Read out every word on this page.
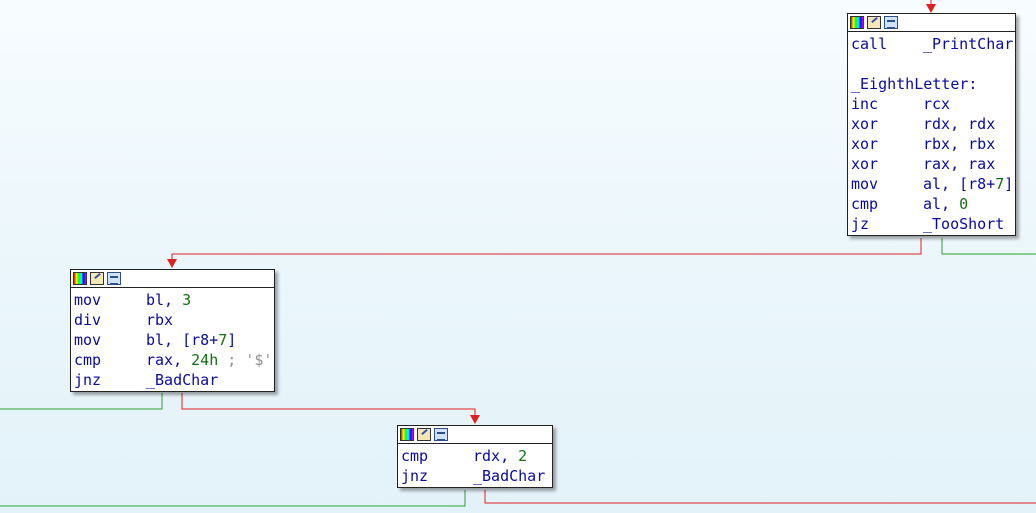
call _PrintChar
_EighthLetter:
inc	rcx
xor	rdx, rdx
xor	rbx, rbx
xor	rax, rax
mov	al, [r8+7]
cmp	al, 0
jz	_TooShort
mov	bl, 3
div	rbx
mov	bl, [r8+7]
cmp	rax, 24h ; '$'
jnz	_BadChar
cmp	rdx, 2
jnz	_BadChar
